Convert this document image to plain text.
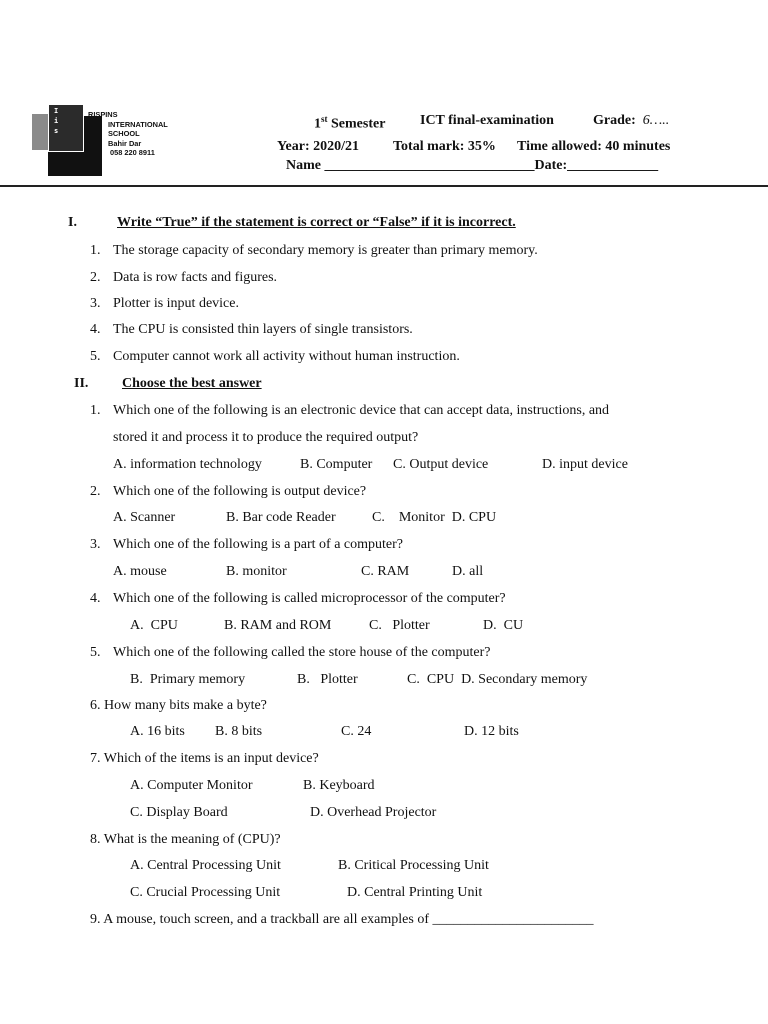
I
i
s
RISPINS
INTERNATIONAL
SCHOOL
Bahir Dar
058 220 8911
1st Semester ICT final-examination	Grade: 6…..
Year: 2020/21 Total mark: 35% Time allowed: 40 minutes
Name ______________________________Date:_____________
I.	Write “True” if the statement is correct or “False” if it is incorrect.
1. The storage capacity of secondary memory is greater than primary memory.
2. Data is row facts and figures.
3. Plotter is input device.
4. The CPU is consisted thin layers of single transistors.
5. Computer cannot work all activity without human instruction.
II. Choose the best answer
1. Which one of the following is an electronic device that can accept data, instructions, and
stored it and process it to produce the required output?
A. information technology	B. Computer C. Output device	D. input device
2. Which one of the following is output device?
A. Scanner	B. Bar code Reader	C.    Monitor  D. CPU
3. Which one of the following is a part of a computer?
A. mouse	B. monitor	C. RAM	D. all
4. Which one of the following is called microprocessor of the computer?
A.  CPU	B. RAM and ROM	C.   Plotter	D.  CU
5. Which one of the following called the store house of the computer?
B.  Primary memory	B.   Plotter	C.  CPU  D. Secondary memory
6. How many bits make a byte?
A. 16 bits B. 8 bits	C. 24	D. 12 bits
7. Which of the items is an input device?
A. Computer Monitor	B. Keyboard
C. Display Board	D. Overhead Projector
8. What is the meaning of (CPU)?
A. Central Processing Unit	B. Critical Processing Unit
C. Crucial Processing Unit	D. Central Printing Unit
9. A mouse, touch screen, and a trackball are all examples of _______________________
